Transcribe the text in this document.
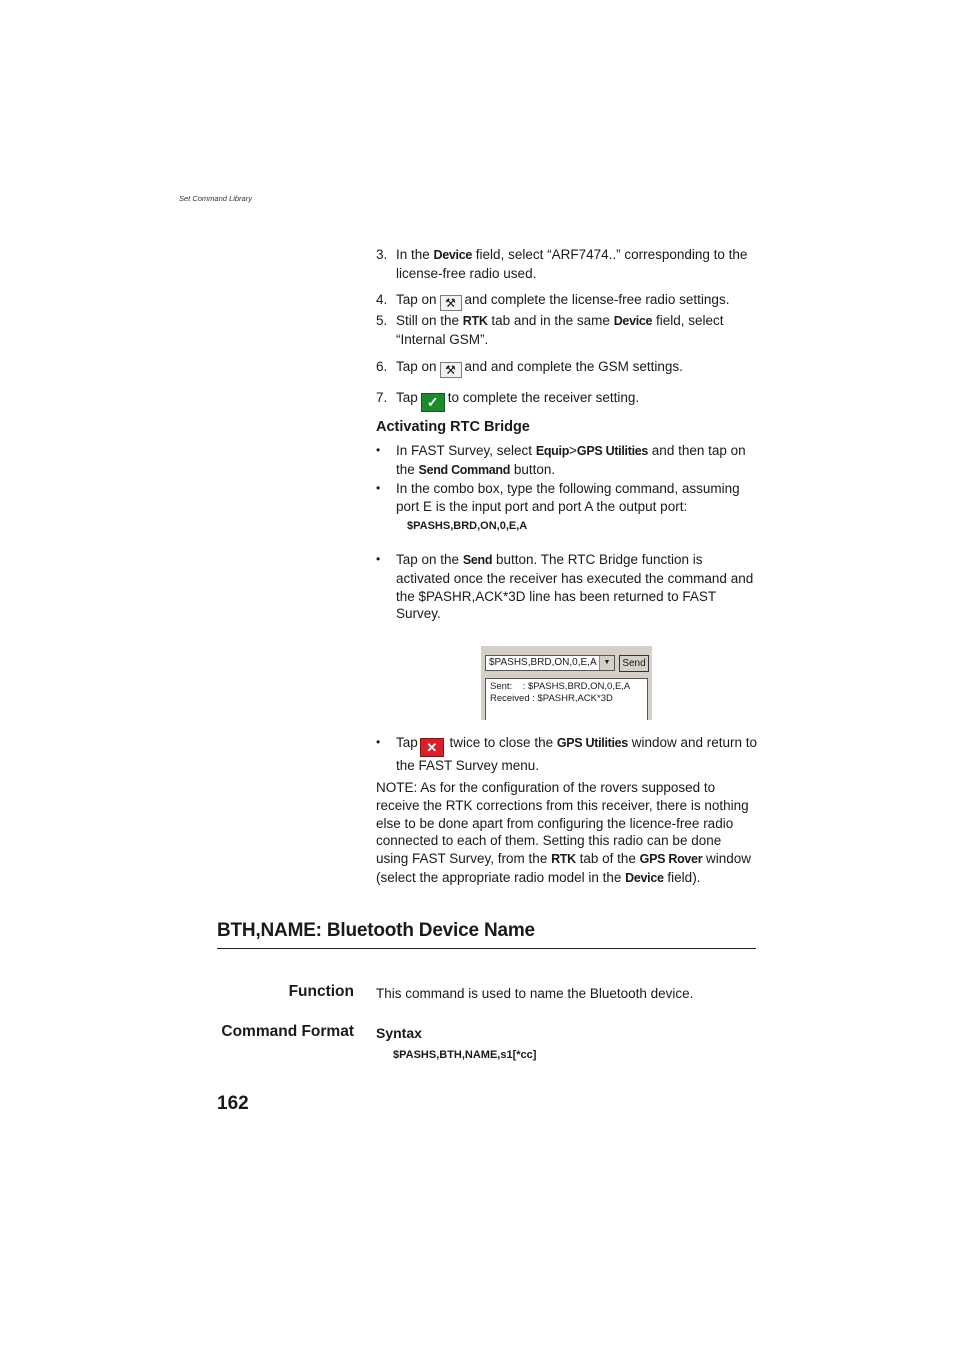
Set Command Library
3. In the Device field, select “ARF7474..” corresponding to the license-free radio used.
4. Tap on ⚒ and complete the license-free radio settings.
5. Still on the RTK tab and in the same Device field, select “Internal GSM”.
6. Tap on ⚒ and and complete the GSM settings.
7. Tap ✓ to complete the receiver setting.
Activating RTC Bridge
• In FAST Survey, select Equip>GPS Utilities and then tap on the Send Command button.
• In the combo box, type the following command, assuming port E is the input port and port A the output port:
$PASHS,BRD,ON,0,E,A
• Tap on the Send button. The RTC Bridge function is activated once the receiver has executed the command and the $PASHR,ACK*3D line has been returned to FAST Survey.
$PASHS,BRD,ON,0,E,A ▼	Send
Sent:    : $PASHS,BRD,ON,0,E,A
Received : $PASHR,ACK*3D
• Tap ✕ twice to close the GPS Utilities window and return to the FAST Survey menu.
NOTE: As for the configuration of the rovers supposed to receive the RTK corrections from this receiver, there is nothing else to be done apart from configuring the licence-free radio connected to each of them. Setting this radio can be done using FAST Survey, from the RTK tab of the GPS Rover window (select the appropriate radio model in the Device field).
BTH,NAME: Bluetooth Device Name
Function This command is used to name the Bluetooth device.
Command Format Syntax
$PASHS,BTH,NAME,s1[*cc]
162
